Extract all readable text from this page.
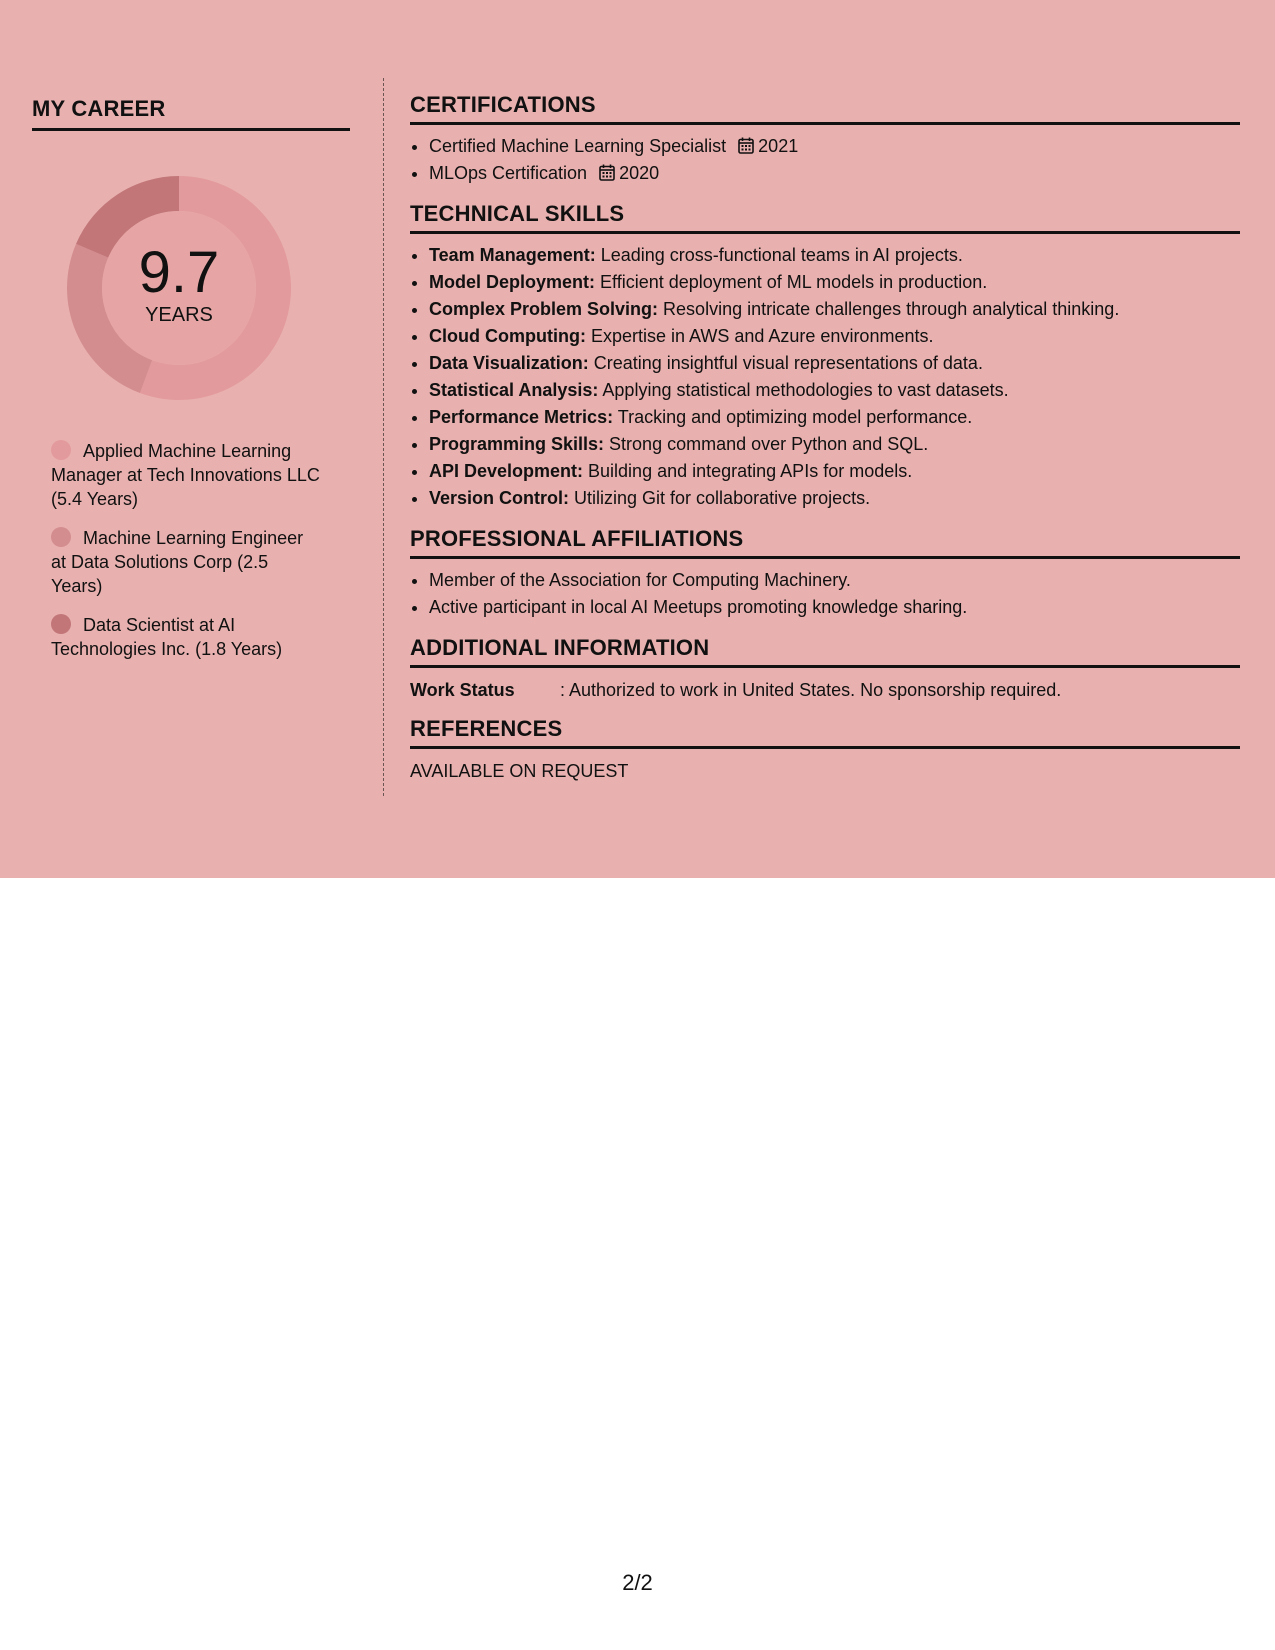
MY CAREER
9.7
YEARS
Applied Machine Learning Manager at Tech Innovations LLC (5.4 Years)
Machine Learning Engineer at Data Solutions Corp (2.5 Years)
Data Scientist at AI Technologies Inc. (1.8 Years)
CERTIFICATIONS
• Certified Machine Learning Specialist 2021
• MLOps Certification 2020
TECHNICAL SKILLS
• Team Management: Leading cross-functional teams in AI projects.
• Model Deployment: Efficient deployment of ML models in production.
• Complex Problem Solving: Resolving intricate challenges through analytical thinking.
• Cloud Computing: Expertise in AWS and Azure environments.
• Data Visualization: Creating insightful visual representations of data.
• Statistical Analysis: Applying statistical methodologies to vast datasets.
• Performance Metrics: Tracking and optimizing model performance.
• Programming Skills: Strong command over Python and SQL.
• API Development: Building and integrating APIs for models.
• Version Control: Utilizing Git for collaborative projects.
PROFESSIONAL AFFILIATIONS
• Member of the Association for Computing Machinery.
• Active participant in local AI Meetups promoting knowledge sharing.
ADDITIONAL INFORMATION
Work Status	: Authorized to work in United States. No sponsorship required.
REFERENCES
AVAILABLE ON REQUEST
2/2
